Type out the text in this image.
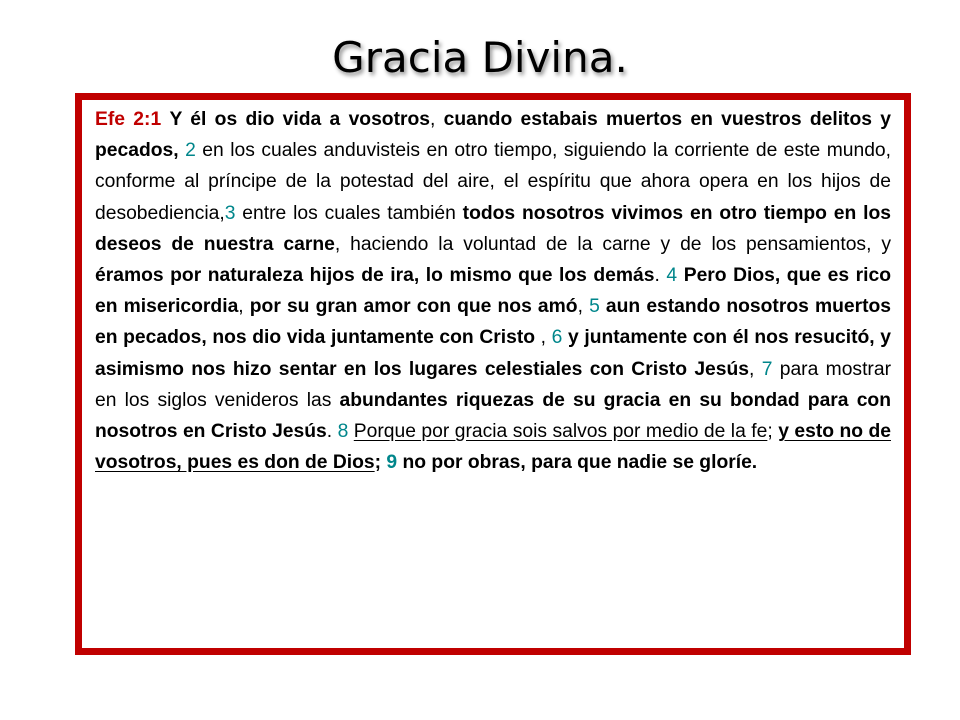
Gracia Divina.

Efe 2:1 Y él os dio vida a vosotros, cuando estabais muertos en vuestros delitos y pecados, 2 en los cuales anduvisteis en otro tiempo, siguiendo la corriente de este mundo, conforme al príncipe de la potestad del aire, el espíritu que ahora opera en los hijos de desobediencia,3 entre los cuales también todos nosotros vivimos en otro tiempo en los deseos de nuestra carne, haciendo la voluntad de la carne y de los pensamientos, y éramos por naturaleza hijos de ira, lo mismo que los demás. 4 Pero Dios, que es rico en misericordia, por su gran amor con que nos amó, 5 aun estando nosotros muertos en pecados, nos dio vida juntamente con Cristo , 6 y juntamente con él nos resucitó, y asimismo nos hizo sentar en los lugares celestiales con Cristo Jesús, 7 para mostrar en los siglos venideros las abundantes riquezas de su gracia en su bondad para con nosotros en Cristo Jesús. 8 Porque por gracia sois salvos por medio de la fe; y esto no de vosotros, pues es don de Dios; 9 no por obras, para que nadie se gloríe.
